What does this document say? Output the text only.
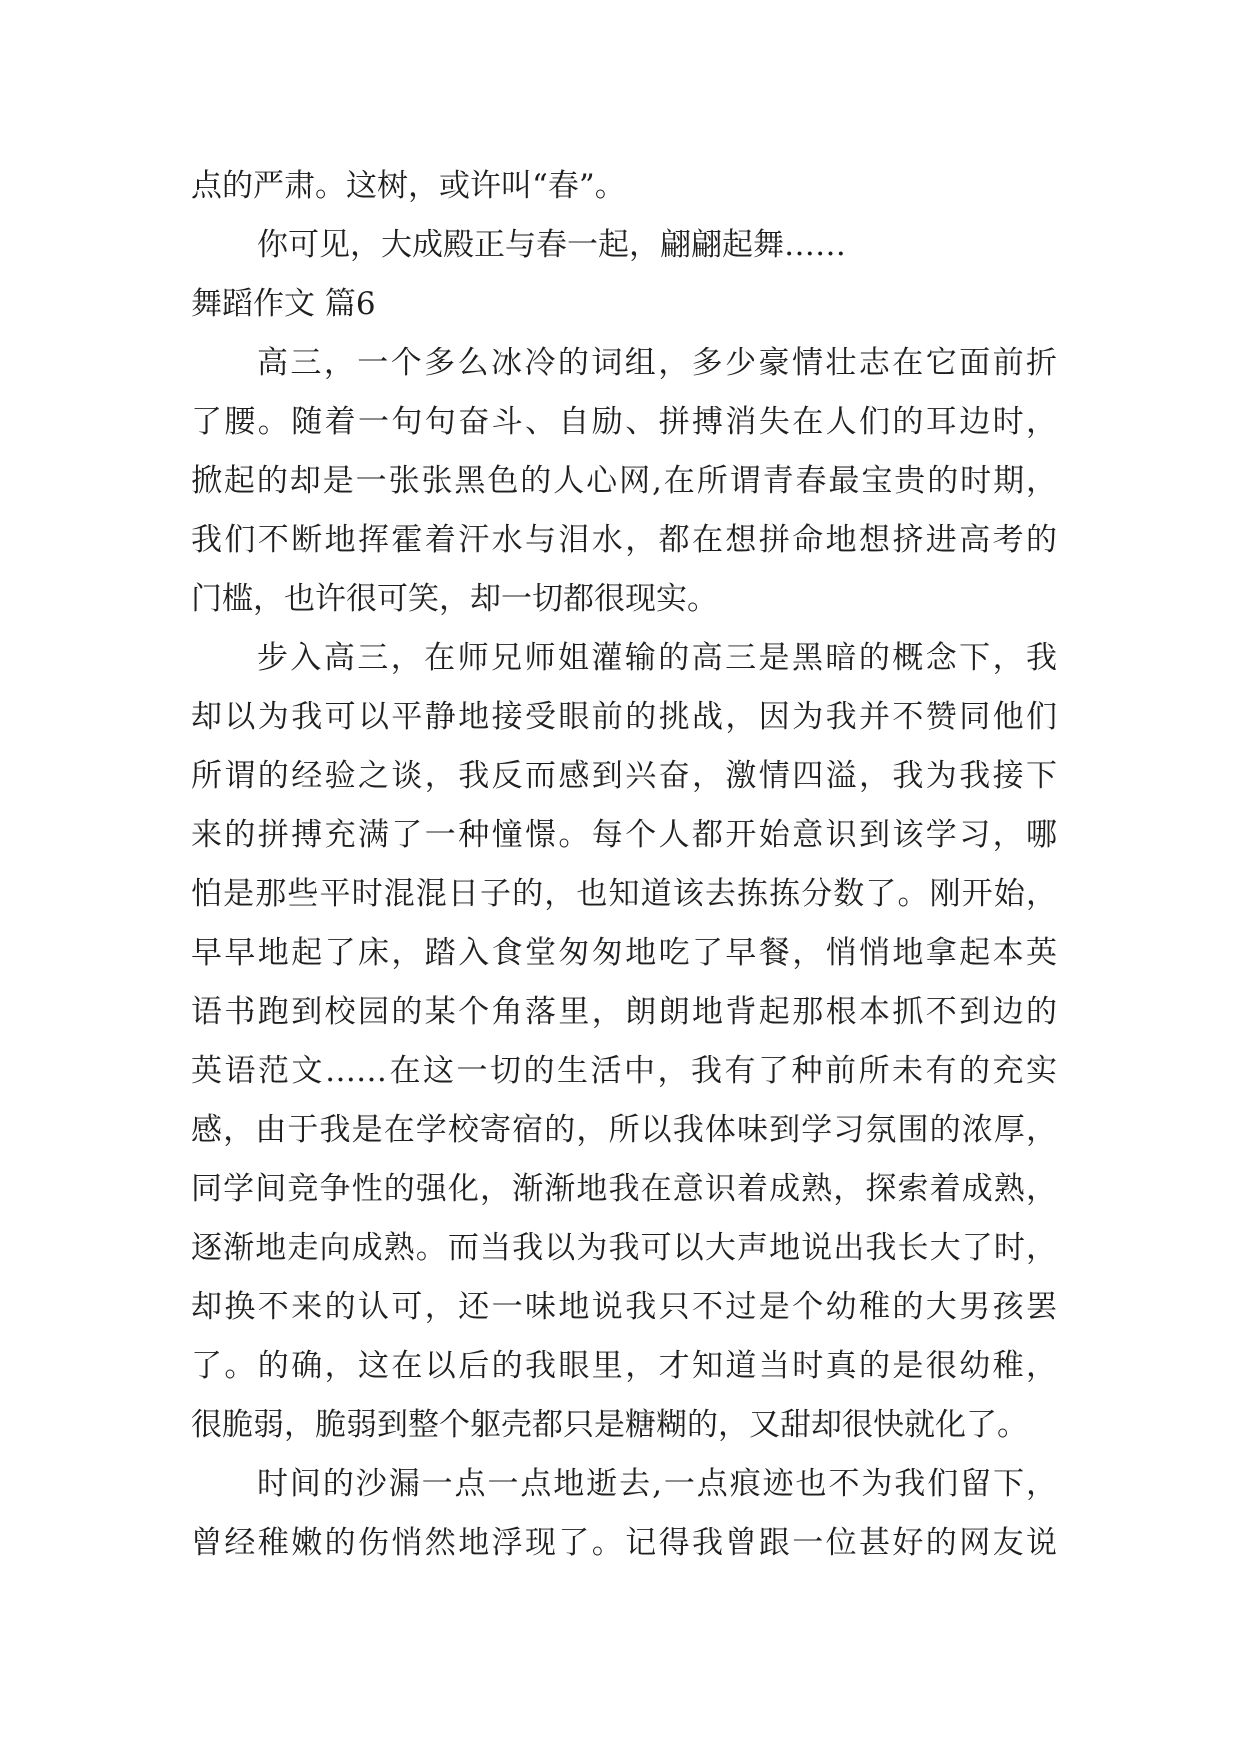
点的严肃。这树，或许叫“春”。
你可见，大成殿正与春一起，翩翩起舞……
舞蹈作文 篇6
高三，一个多么冰冷的词组，多少豪情壮志在它面前折
了腰。随着一句句奋斗、自励、拼搏消失在人们的耳边时，
掀起的却是一张张黑色的人心网,在所谓青春最宝贵的时期，
我们不断地挥霍着汗水与泪水，都在想拼命地想挤进高考的
门槛，也许很可笑，却一切都很现实。
步入高三，在师兄师姐灌输的高三是黑暗的概念下，我
却以为我可以平静地接受眼前的挑战，因为我并不赞同他们
所谓的经验之谈，我反而感到兴奋，激情四溢，我为我接下
来的拼搏充满了一种憧憬。每个人都开始意识到该学习，哪
怕是那些平时混混日子的，也知道该去拣拣分数了。刚开始，
早早地起了床，踏入食堂匆匆地吃了早餐，悄悄地拿起本英
语书跑到校园的某个角落里，朗朗地背起那根本抓不到边的
英语范文……在这一切的生活中，我有了种前所未有的充实
感，由于我是在学校寄宿的，所以我体味到学习氛围的浓厚，
同学间竞争性的强化，渐渐地我在意识着成熟，探索着成熟，
逐渐地走向成熟。而当我以为我可以大声地说出我长大了时，
却换不来的认可，还一味地说我只不过是个幼稚的大男孩罢
了。的确，这在以后的我眼里，才知道当时真的是很幼稚，
很脆弱，脆弱到整个躯壳都只是糖糊的，又甜却很快就化了。
时间的沙漏一点一点地逝去,一点痕迹也不为我们留下，
曾经稚嫩的伤悄然地浮现了。记得我曾跟一位甚好的网友说
